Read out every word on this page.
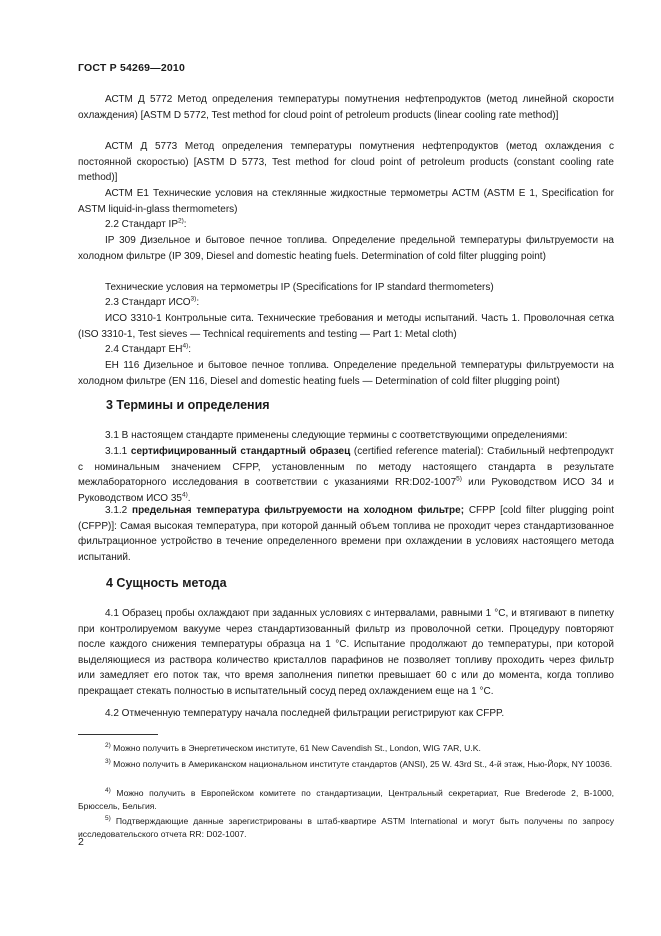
ГОСТ Р 54269—2010

АСТМ Д 5772 Метод определения температуры помутнения нефтепродуктов (метод линейной скорости охлаждения) [ASTM D 5772, Test method for cloud point of petroleum products (linear cooling rate method)]

АСТМ Д 5773 Метод определения температуры помутнения нефтепродуктов (метод охлаждения с постоянной скоростью) [ASTM D 5773, Test method for cloud point of petroleum products (constant cooling rate method)]

АСТМ Е1 Технические условия на стеклянные жидкостные термометры АСТМ (ASTM E 1, Specification for ASTM liquid-in-glass thermometers)

2.2 Стандарт IP$^{2)}$:

IP 309 Дизельное и бытовое печное топлива. Определение предельной температуры фильтруемости на холодном фильтре (IP 309, Diesel and domestic heating fuels. Determination of cold filter plugging point)

Технические условия на термометры IP (Specifications for IP standard thermometers)

2.3 Стандарт ИСО$^{3)}$:

ИСО 3310-1 Контрольные сита. Технические требования и методы испытаний. Часть 1. Проволочная сетка (ISO 3310-1, Test sieves — Technical requirements and testing — Part 1: Metal cloth)

2.4 Стандарт ЕН$^{4)}$:

ЕН 116 Дизельное и бытовое печное топлива. Определение предельной температуры фильтруемости на холодном фильтре (EN 116, Diesel and domestic heating fuels — Determination of cold filter plugging point)

3 Термины и определения

3.1 В настоящем стандарте применены следующие термины с соответствующими определениями:

3.1.1 сертифицированный стандартный образец (certified reference material): Стабильный нефтепродукт с номинальным значением CFPP, установленным по методу настоящего стандарта в результате межлабораторного исследования в соответствии с указаниями RR:D02-1007$^{5)}$ или Руководством ИСО 34 и Руководством ИСО 35$^{4)}$.

3.1.2 предельная температура фильтруемости на холодном фильтре; CFPP [cold filter plugging point (CFPP)]: Самая высокая температура, при которой данный объем топлива не проходит через стандартизованное фильтрационное устройство в течение определенного времени при охлаждении в условиях настоящего метода испытаний.

4 Сущность метода

4.1 Образец пробы охлаждают при заданных условиях с интервалами, равными 1 °С, и втягивают в пипетку при контролируемом вакууме через стандартизованный фильтр из проволочной сетки. Процедуру повторяют после каждого снижения температуры образца на 1 °С. Испытание продолжают до температуры, при которой выделяющиеся из раствора количество кристаллов парафинов не позволяет топливу проходить через фильтр или замедляет его поток так, что время заполнения пипетки превышает 60 с или до момента, когда топливо прекращает стекать полностью в испытательный сосуд перед охлаждением еще на 1 °С.

4.2 Отмеченную температуру начала последней фильтрации регистрируют как CFPP.

$^{2)}$ Можно получить в Энергетическом институте, 61 New Cavendish St., London, WIG 7AR, U.K.

$^{3)}$ Можно получить в Американском национальном институте стандартов (ANSI), 25 W. 43rd St., 4-й этаж, Нью-Йорк, NY 10036.

$^{4)}$ Можно получить в Европейском комитете по стандартизации, Центральный секретариат, Rue Brederode 2, B-1000, Брюссель, Бельгия.

$^{5)}$ Подтверждающие данные зарегистрированы в штаб-квартире ASTM International и могут быть получены по запросу исследовательского отчета RR: D02-1007.

2
